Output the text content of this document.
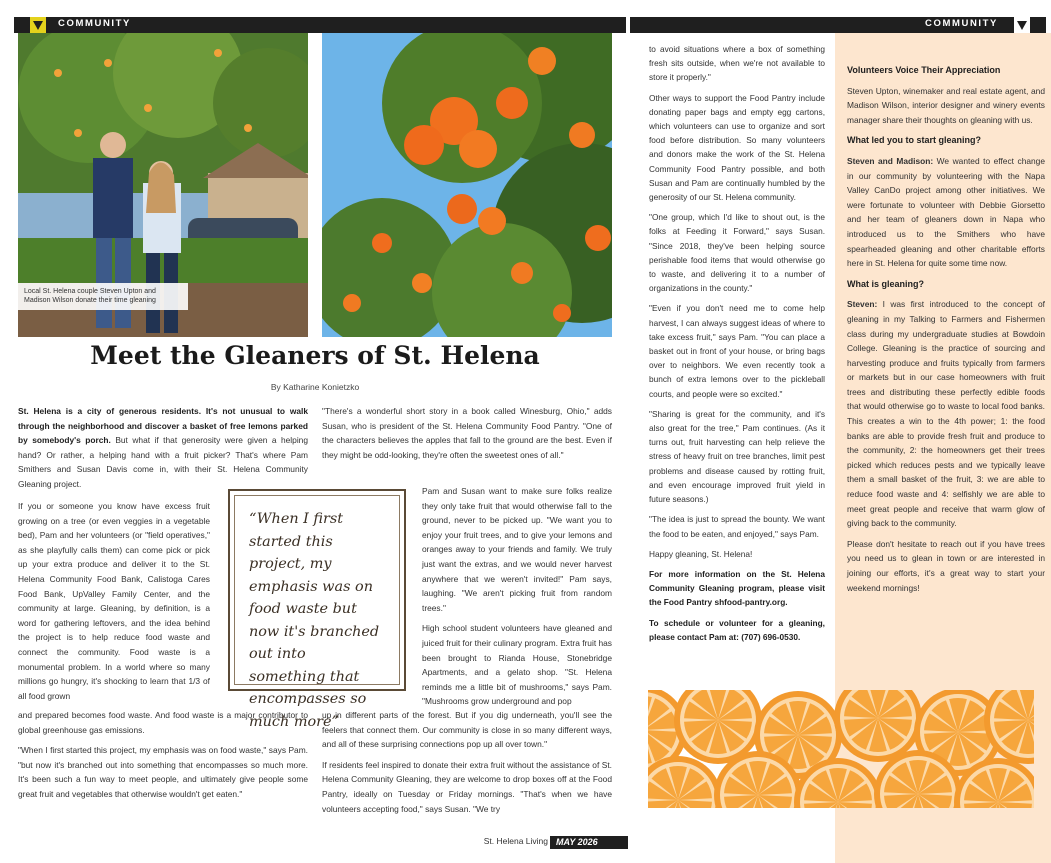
COMMUNITY
Local St. Helena couple Steven Upton and Madison Wilson donate their time gleaning
Meet the Gleaners of St. Helena
By Katharine Konietzko

St. Helena is a city of generous residents. It's not unusual to walk through the neighborhood and discover a basket of free lemons parked by somebody's porch. But what if that generosity were given a helping hand? Or rather, a helping hand with a fruit picker? That's where Pam Smithers and Susan Davis come in, with their St. Helena Community Gleaning project.

If you or someone you know have excess fruit growing on a tree (or even veggies in a vegetable bed), Pam and her volunteers (or "field operatives," as she playfully calls them) can come pick or pick up your extra produce and deliver it to the St. Helena Community Food Bank, Calistoga Cares Food Bank, UpValley Family Center, and the community at large. Gleaning, by definition, is a word for gathering leftovers, and the idea behind the project is to help reduce food waste and connect the community. Food waste is a monumental problem. In a world where so many millions go hungry, it's shocking to learn that 1/3 of all food grown

and prepared becomes food waste. And food waste is a major contributor to global greenhouse gas emissions.

"When I first started this project, my emphasis was on food waste," says Pam. "but now it's branched out into something that encompasses so much more. It's been such a fun way to meet people, and ultimately give people some great fruit and vegetables that otherwise wouldn't get eaten."

"There's a wonderful short story in a book called Winesburg, Ohio," adds Susan, who is president of the St. Helena Community Food Pantry. "One of the characters believes the apples that fall to the ground are the best. Even if they might be odd-looking, they're often the sweetest ones of all."

Pam and Susan want to make sure folks realize they only take fruit that would otherwise fall to the ground, never to be picked up. "We want you to enjoy your fruit trees, and to give your lemons and oranges away to your friends and family. We truly just want the extras, and we would never harvest anywhere that we weren't invited!" Pam says, laughing. "We aren't picking fruit from random trees."

High school student volunteers have gleaned and juiced fruit for their culinary program. Extra fruit has been brought to Rianda House, Stonebridge Apartments, and a gelato shop. "St. Helena reminds me a little bit of mushrooms," says Pam. "Mushrooms grow underground and pop

up in different parts of the forest. But if you dig underneath, you'll see the feelers that connect them. Our community is close in so many different ways, and all of these surprising connections pop up all over town."

If residents feel inspired to donate their extra fruit without the assistance of St. Helena Community Gleaning, they are welcome to drop boxes off at the Food Pantry, ideally on Tuesday or Friday mornings. "That's when we have volunteers accepting food," says Susan. "We try

“When I first started this project, my emphasis was on food waste but now it's branched out into something that encompasses so much more”
St. Helena Living MAY 2026
COMMUNITY

to avoid situations where a box of something fresh sits outside, when we're not available to store it properly."

Other ways to support the Food Pantry include donating paper bags and empty egg cartons, which volunteers can use to organize and sort food before distribution. So many volunteers and donors make the work of the St. Helena Community Food Pantry possible, and both Susan and Pam are continually humbled by the generosity of our St. Helena community.

"One group, which I'd like to shout out, is the folks at Feeding it Forward," says Susan. "Since 2018, they've been helping source perishable food items that would otherwise go to waste, and delivering it to a number of organizations in the county."

"Even if you don't need me to come help harvest, I can always suggest ideas of where to take excess fruit," says Pam. "You can place a basket out in front of your house, or bring bags over to neighbors. We even recently took a bunch of extra lemons over to the pickleball courts, and people were so excited."

"Sharing is great for the community, and it's also great for the tree," Pam continues. (As it turns out, fruit harvesting can help relieve the stress of heavy fruit on tree branches, limit pest problems and disease caused by rotting fruit, and even encourage improved fruit yield in future seasons.)

"The idea is just to spread the bounty. We want the food to be eaten, and enjoyed," says Pam.

Happy gleaning, St. Helena!

For more information on the St. Helena Community Gleaning program, please visit the Food Pantry shfood-pantry.org.

To schedule or volunteer for a gleaning, please contact Pam at: (707) 696-0530.

Volunteers Voice Their Appreciation

Steven Upton, winemaker and real estate agent, and Madison Wilson, interior designer and winery events manager share their thoughts on gleaning with us.

What led you to start gleaning?

Steven and Madison: We wanted to effect change in our community by volunteering with the Napa Valley CanDo project among other initiatives. We were fortunate to volunteer with Debbie Giorsetto and her team of gleaners down in Napa who introduced us to the Smithers who have spearheaded gleaning and other charitable efforts here in St. Helena for quite some time now.

What is gleaning?

Steven: I was first introduced to the concept of gleaning in my Talking to Farmers and Fishermen class during my undergraduate studies at Bowdoin College. Gleaning is the practice of sourcing and harvesting produce and fruits typically from farmers or markets but in our case homeowners with fruit trees and distributing these perfectly edible foods that would otherwise go to waste to local food banks. This creates a win to the 4th power; 1: the food banks are able to provide fresh fruit and produce to the community, 2: the homeowners get their trees picked which reduces pests and we typically leave them a small basket of the fruit, 3: we are able to reduce food waste and 4: selfishly we are able to meet great people and receive that warm glow of giving back to the community.

Please don't hesitate to reach out if you have trees you need us to glean in town or are interested in joining our efforts, it's a great way to start your weekend mornings!
